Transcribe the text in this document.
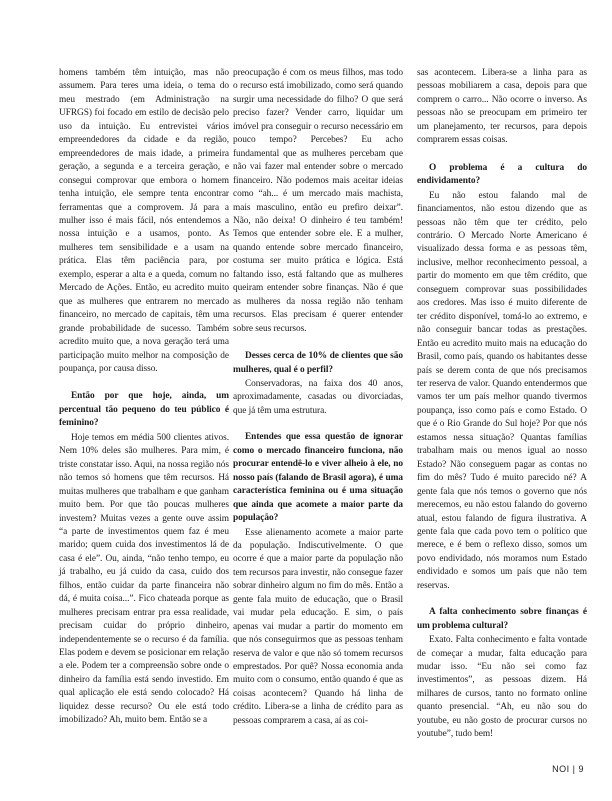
homens também têm intuição, mas não assumem. Para teres uma ideia, o tema do meu mestrado (em Administração na UFRGS) foi focado em estilo de decisão pelo uso da intuição. Eu entrevistei vários empreendedores da cidade e da região, empreendedores de mais idade, a primeira geração, a segunda e a terceira geração, e consegui comprovar que embora o homem tenha intuição, ele sempre tenta encontrar ferramentas que a comprovem. Já para a mulher isso é mais fácil, nós entendemos a nossa intuição e a usamos, ponto. As mulheres tem sensibilidade e a usam na prática. Elas têm paciência para, por exemplo, esperar a alta e a queda, comum no Mercado de Ações. Então, eu acredito muito que as mulheres que entrarem no mercado financeiro, no mercado de capitais, têm uma grande probabilidade de sucesso. Também acredito muito que, a nova geração terá uma participação muito melhor na composição de poupança, por causa disso.

Então por que hoje, ainda, um percentual tão pequeno do teu público é feminino?

Hoje temos em média 500 clientes ativos. Nem 10% deles são mulheres. Para mim, é triste constatar isso. Aqui, na nossa região nós não temos só homens que têm recursos. Há muitas mulheres que trabalham e que ganham muito bem. Por que tão poucas mulheres investem? Muitas vezes a gente ouve assim “a parte de investimentos quem faz é meu marido; quem cuida dos investimentos lá de casa é ele”. Ou, ainda, “não tenho tempo, eu já trabalho, eu já cuido da casa, cuido dos filhos, então cuidar da parte financeira não dá, é muita coisa...”. Fico chateada porque as mulheres precisam entrar pra essa realidade, precisam cuidar do próprio dinheiro, independentemente se o recurso é da família. Elas podem e devem se posicionar em relação a ele. Podem ter a compreensão sobre onde o dinheiro da família está sendo investido. Em qual aplicação ele está sendo colocado? Há liquidez desse recurso? Ou ele está todo imobilizado? Ah, muito bem. Então se a

preocupação é com os meus filhos, mas todo o recurso está imobilizado, como será quando surgir uma necessidade do filho? O que será preciso fazer? Vender carro, liquidar um imóvel pra conseguir o recurso necessário em pouco tempo? Percebes? Eu acho fundamental que as mulheres percebam que não vai fazer mal entender sobre o mercado financeiro. Não podemos mais aceitar ideias como “ah... é um mercado mais machista, mais masculino, então eu prefiro deixar”. Não, não deixa! O dinheiro é teu também! Temos que entender sobre ele. E a mulher, quando entende sobre mercado financeiro, costuma ser muito prática e lógica. Está faltando isso, está faltando que as mulheres queiram entender sobre finanças. Não é que as mulheres da nossa região não tenham recursos. Elas precisam é querer entender sobre seus recursos.

Desses cerca de 10% de clientes que são mulheres, qual é o perfil?

Conservadoras, na faixa dos 40 anos, aproximadamente, casadas ou divorciadas, que já têm uma estrutura.

Entendes que essa questão de ignorar como o mercado financeiro funciona, não procurar entendê-lo e viver alheio à ele, no nosso país (falando de Brasil agora), é uma característica feminina ou é uma situação que ainda que acomete a maior parte da população?

Esse alienamento acomete a maior parte da população. Indiscutivelmente. O que ocorre é que a maior parte da população não tem recursos para investir, não consegue fazer sobrar dinheiro algum no fim do mês. Então a gente fala muito de educação, que o Brasil vai mudar pela educação. E sim, o país apenas vai mudar a partir do momento em que nós conseguirmos que as pessoas tenham reserva de valor e que não só tomem recursos emprestados. Por quê? Nossa economia anda muito com o consumo, então quando é que as coisas acontecem? Quando há linha de crédito. Libera-se a linha de crédito para as pessoas comprarem a casa, aí as coi-

sas acontecem. Libera-se a linha para as pessoas mobiliarem a casa, depois para que comprem o carro... Não ocorre o inverso. As pessoas não se preocupam em primeiro ter um planejamento, ter recursos, para depois comprarem essas coisas.

O problema é a cultura do endividamento?

Eu não estou falando mal de financiamentos, não estou dizendo que as pessoas não têm que ter crédito, pelo contrário. O Mercado Norte Americano é visualizado dessa forma e as pessoas têm, inclusive, melhor reconhecimento pessoal, a partir do momento em que têm crédito, que conseguem comprovar suas possibilidades aos credores. Mas isso é muito diferente de ter crédito disponível, tomá-lo ao extremo, e não conseguir bancar todas as prestações. Então eu acredito muito mais na educação do Brasil, como país, quando os habitantes desse país se derem conta de que nós precisamos ter reserva de valor. Quando entendermos que vamos ter um país melhor quando tivermos poupança, isso como país e como Estado. O que é o Rio Grande do Sul hoje? Por que nós estamos nessa situação? Quantas famílias trabalham mais ou menos igual ao nosso Estado? Não conseguem pagar as contas no fim do mês? Tudo é muito parecido né? A gente fala que nós temos o governo que nós merecemos, eu não estou falando do governo atual, estou falando de figura ilustrativa. A gente fala que cada povo tem o político que merece, e é bem o reflexo disso, somos um povo endividado, nós moramos num Estado endividado e somos um país que não tem reservas.

A falta conhecimento sobre finanças é um problema cultural?

Exato. Falta conhecimento e falta vontade de começar a mudar, falta educação para mudar isso. “Eu não sei como faz investimentos”, as pessoas dizem. Há milhares de cursos, tanto no formato online quanto presencial. “Ah, eu não sou do youtube, eu não gosto de procurar cursos no youtube”, tudo bem!

NOI | 9
